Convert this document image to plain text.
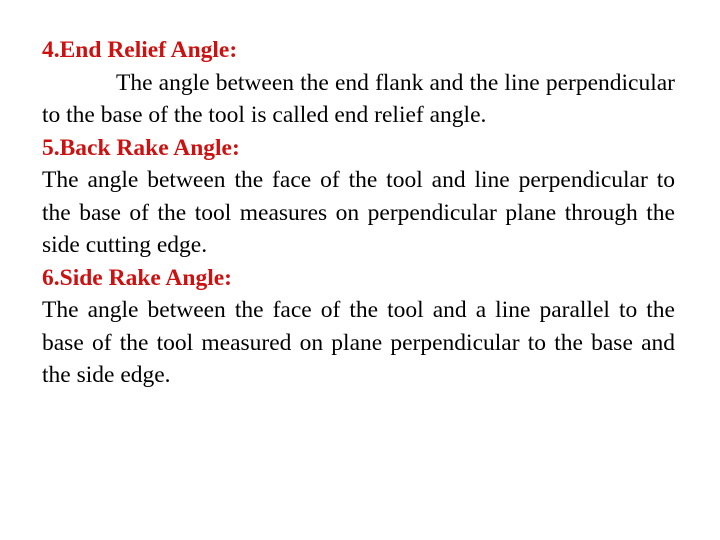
4.End Relief Angle:

The angle between the end flank and the line perpendicular to the base of the tool is called end relief angle.

5.Back Rake Angle:

The angle between the face of the tool and line perpendicular to the base of the tool measures on perpendicular plane through the side cutting edge.

6.Side Rake Angle:

The angle between the face of the tool and a line parallel to the base of the tool measured on plane perpendicular to the base and the side edge.
